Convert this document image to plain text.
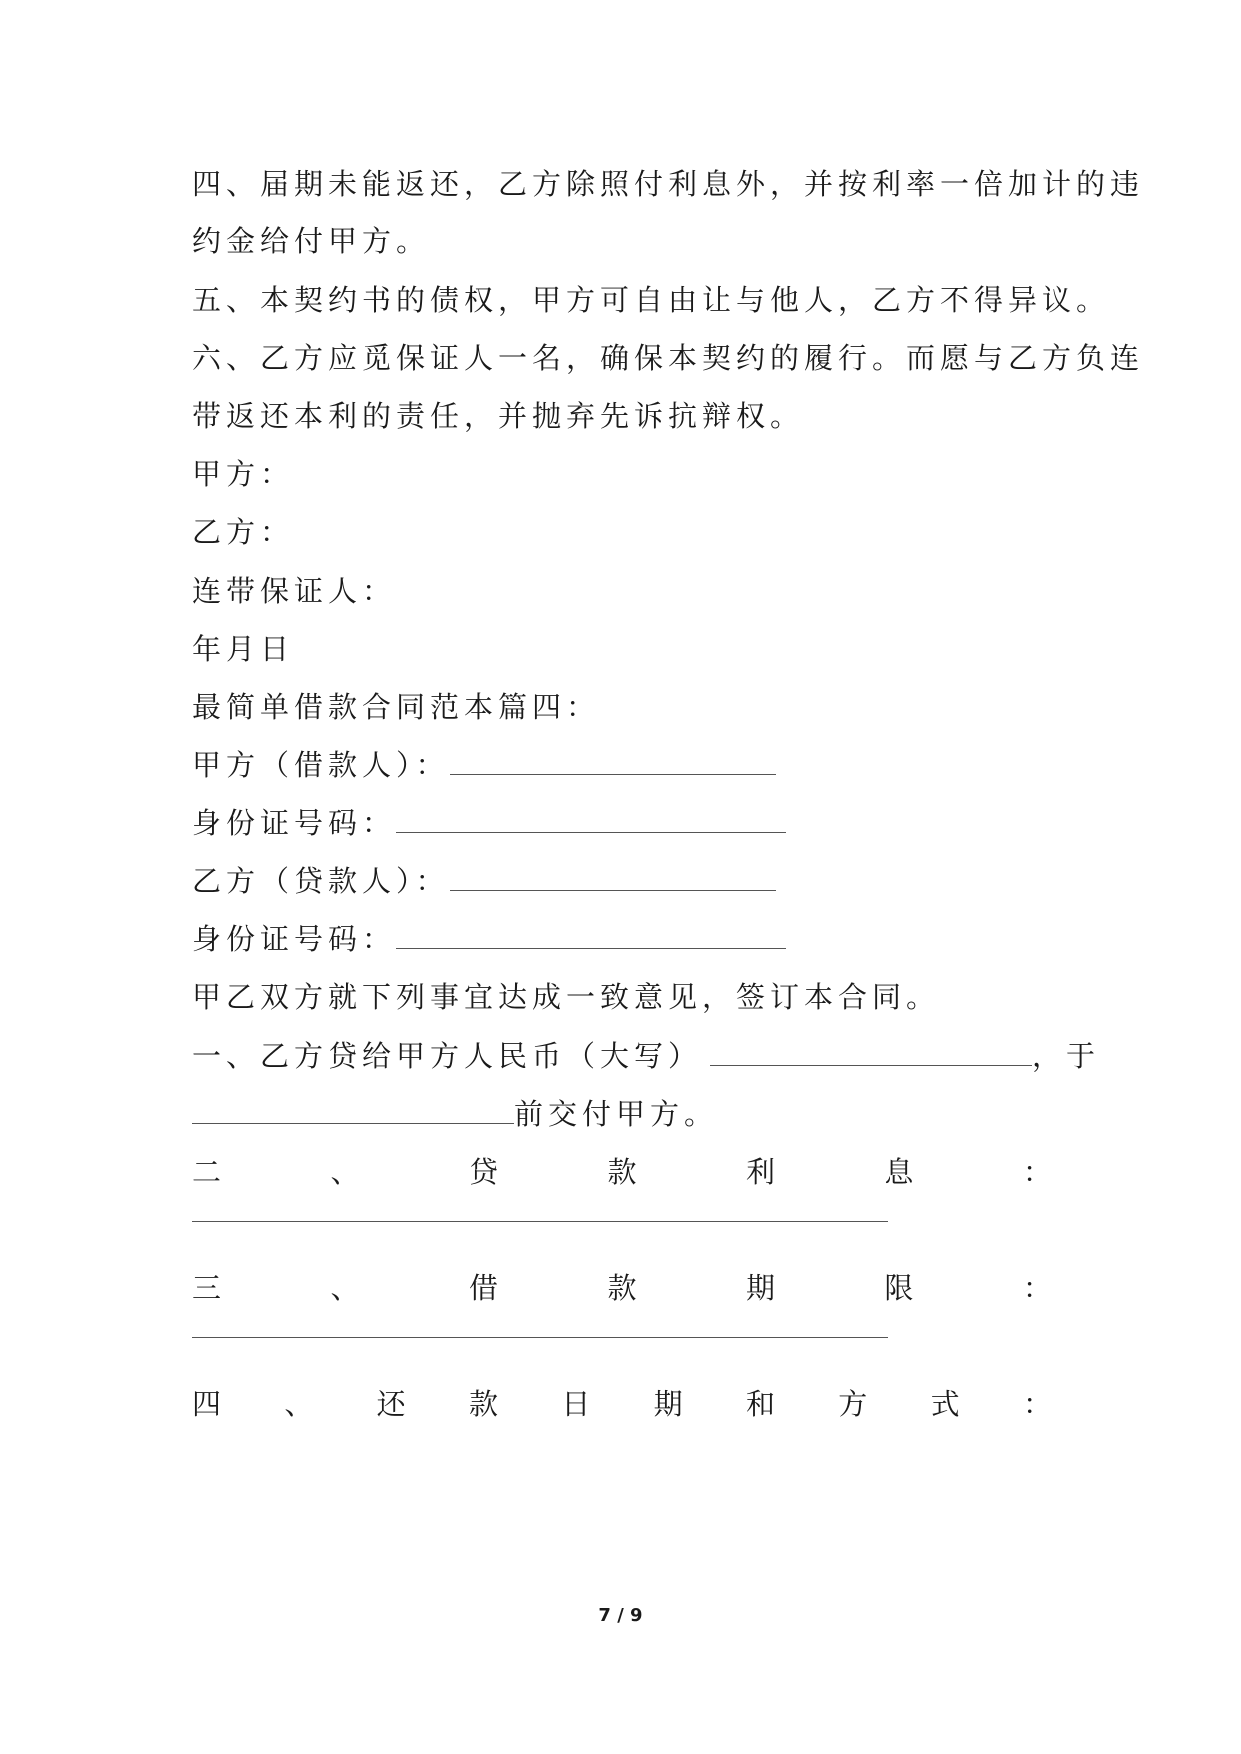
四、届期未能返还，乙方除照付利息外，并按利率一倍加计的违
约金给付甲方。
五、本契约书的债权，甲方可自由让与他人，乙方不得异议。
六、乙方应觅保证人一名，确保本契约的履行。而愿与乙方负连
带返还本利的责任，并抛弃先诉抗辩权。
甲方：
乙方：
连带保证人：
年月日
最简单借款合同范本篇四：
甲方（借款人）：
身份证号码：
乙方（贷款人）：
身份证号码：
甲乙双方就下列事宜达成一致意见，签订本合同。
一、乙方贷给甲方人民币（大写）	，于
前交付甲方。
二	、	贷	款	利	息	：
三	、	借	款	期	限	：
四 、 还 款 日 期 和 方 式 ：
7 / 9
